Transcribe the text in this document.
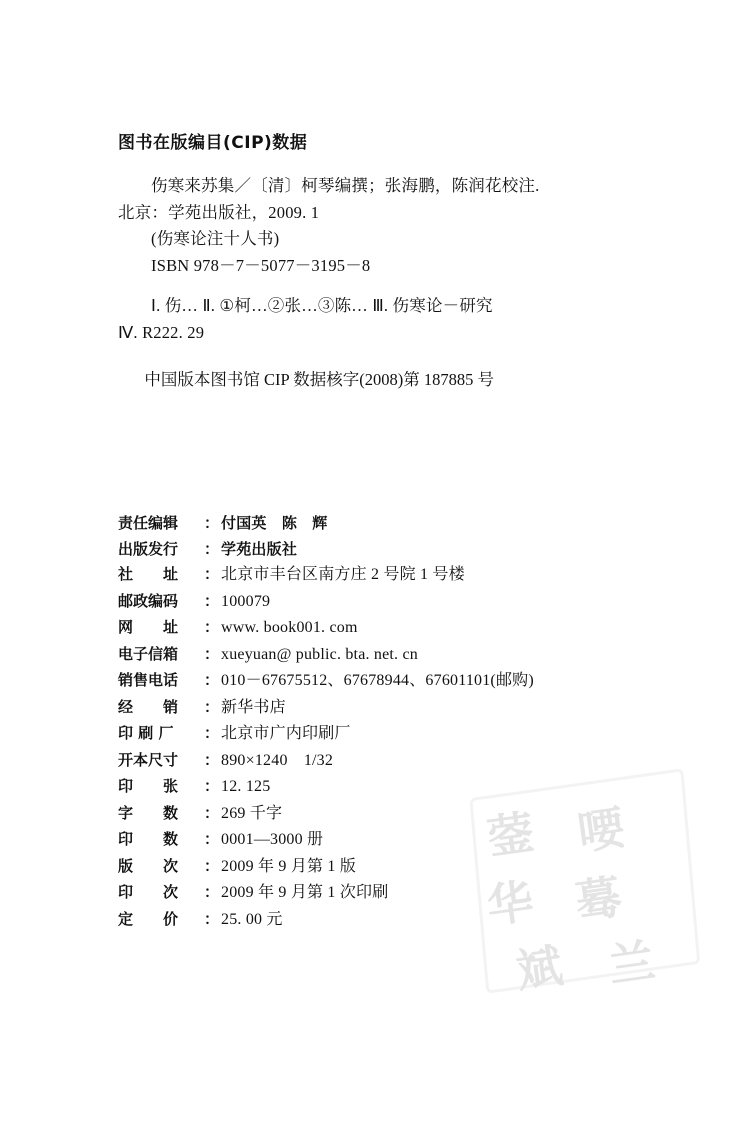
蓥 喓
华 蓦
斌 兰
图书在版编目(CIP)数据
伤寒来苏集／〔清〕柯琴编撰；张海鹏，陈润花校注.
北京：学苑出版社，2009. 1
(伤寒论注十人书)
ISBN 978－7－5077－3195－8
Ⅰ. 伤… Ⅱ. ①柯…②张…③陈… Ⅲ. 伤寒论－研究
Ⅳ. R222. 29
中国版本图书馆 CIP 数据核字(2008)第 187885 号
责任编辑	： 付国英　陈　辉
出版发行	： 学苑出版社
社　　址	： 北京市丰台区南方庄 2 号院 1 号楼
邮政编码	： 100079
网　　址	： www. book001. com
电子信箱	： xueyuan@ public. bta. net. cn
销售电话	： 010－67675512、67678944、67601101(邮购)
经　　销	： 新华书店
印 刷 厂	： 北京市广内印刷厂
开本尺寸	： 890×1240　1/32
印　　张	： 12. 125
字　　数	： 269 千字
印　　数	： 0001—3000 册
版　　次	： 2009 年 9 月第 1 版
印　　次	： 2009 年 9 月第 1 次印刷
定　　价	： 25. 00 元
